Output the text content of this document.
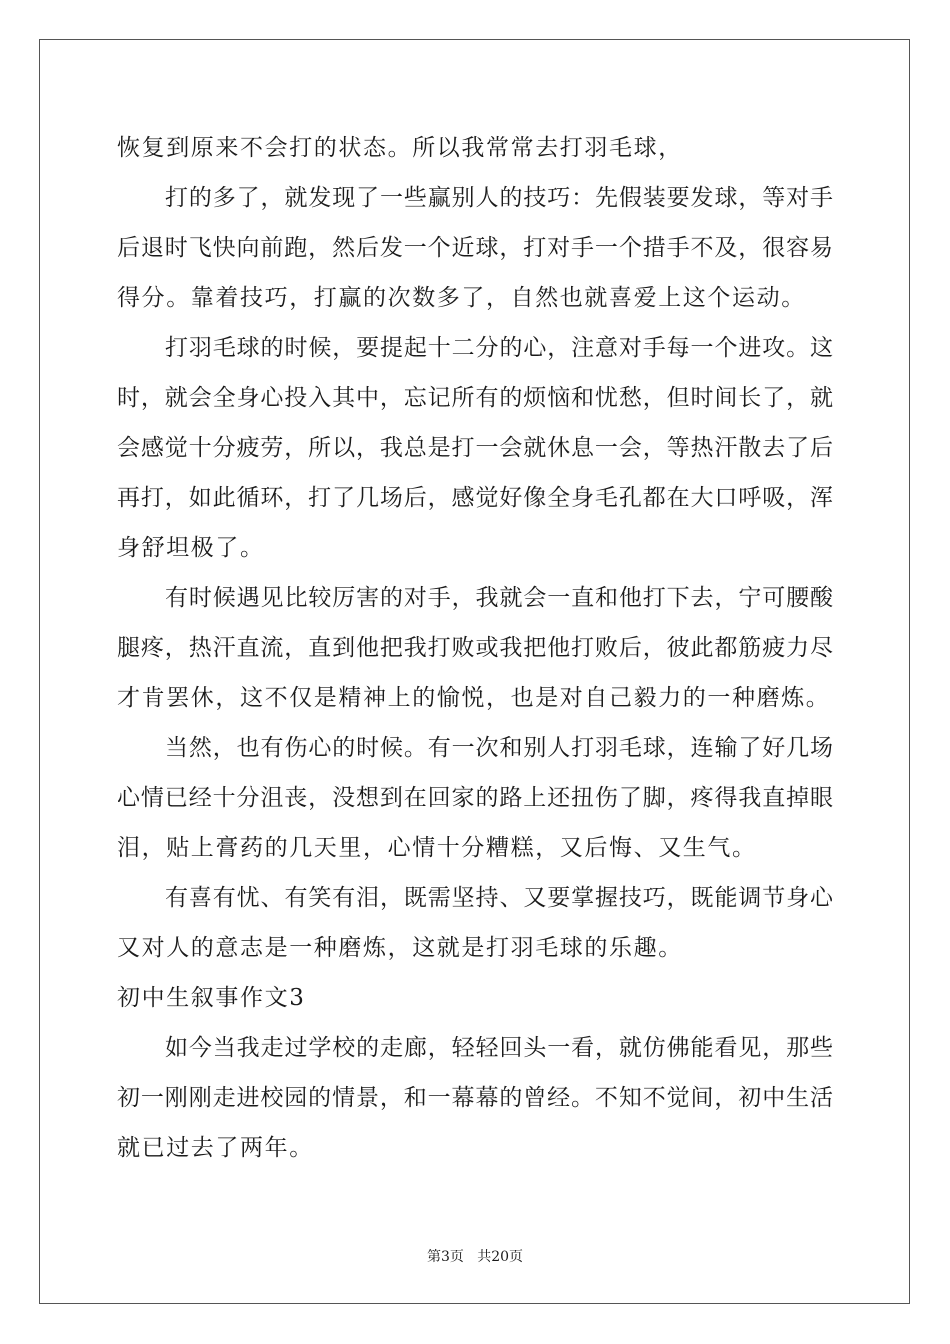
恢复到原来不会打的状态。所以我常常去打羽毛球，
打的多了，就发现了一些赢别人的技巧：先假装要发球，等对手
后退时飞快向前跑，然后发一个近球，打对手一个措手不及，很容易
得分。靠着技巧，打赢的次数多了，自然也就喜爱上这个运动。
打羽毛球的时候，要提起十二分的心，注意对手每一个进攻。这
时，就会全身心投入其中，忘记所有的烦恼和忧愁，但时间长了，就
会感觉十分疲劳，所以，我总是打一会就休息一会，等热汗散去了后
再打，如此循环，打了几场后，感觉好像全身毛孔都在大口呼吸，浑
身舒坦极了。
有时候遇见比较厉害的对手，我就会一直和他打下去，宁可腰酸
腿疼，热汗直流，直到他把我打败或我把他打败后，彼此都筋疲力尽
才肯罢休，这不仅是精神上的愉悦，也是对自己毅力的一种磨炼。
当然，也有伤心的时候。有一次和别人打羽毛球，连输了好几场
心情已经十分沮丧，没想到在回家的路上还扭伤了脚，疼得我直掉眼
泪，贴上膏药的几天里，心情十分糟糕，又后悔、又生气。
有喜有忧、有笑有泪，既需坚持、又要掌握技巧，既能调节身心
又对人的意志是一种磨炼，这就是打羽毛球的乐趣。
初中生叙事作文3
如今当我走过学校的走廊，轻轻回头一看，就仿佛能看见，那些
初一刚刚走进校园的情景，和一幕幕的曾经。不知不觉间，初中生活
就已过去了两年。
第3页   共20页
